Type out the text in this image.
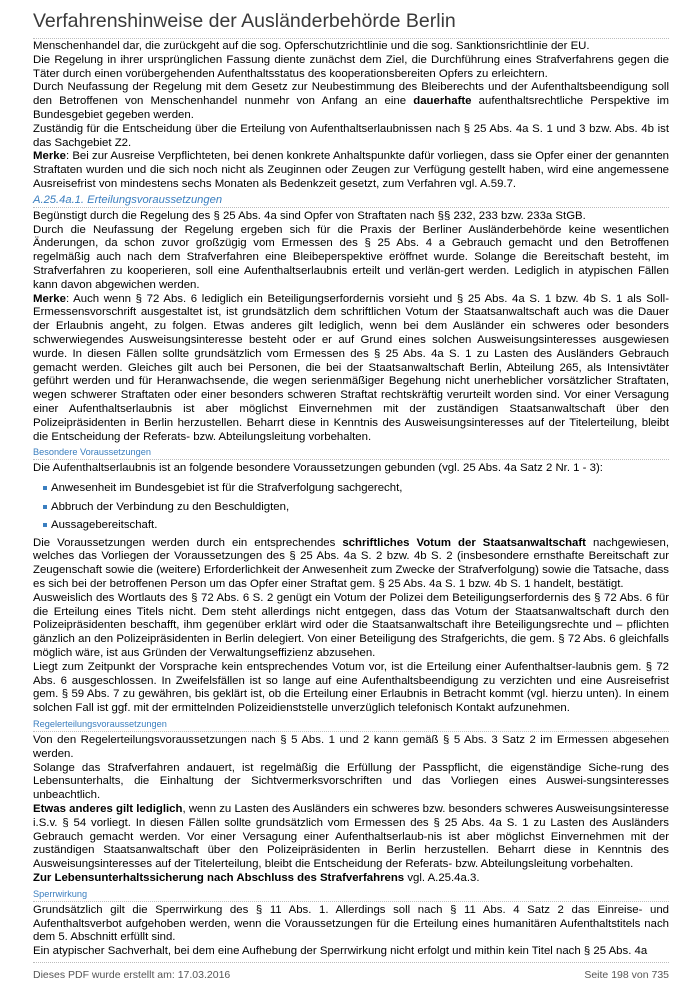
Verfahrenshinweise der Ausländerbehörde Berlin

Menschenhandel dar, die zurückgeht auf die sog. Opferschutzrichtlinie und die sog. Sanktionsrichtlinie der EU.

Die Regelung in ihrer ursprünglichen Fassung diente zunächst dem Ziel, die Durchführung eines Strafverfahrens gegen die Täter durch einen vorübergehenden Aufenthaltsstatus des kooperationsbereiten Opfers zu erleichtern.

Durch Neufassung der Regelung mit dem Gesetz zur Neubestimmung des Bleiberechts und der Aufenthaltsbeendigung soll den Betroffenen von Menschenhandel nunmehr von Anfang an eine dauerhafte aufenthaltsrechtliche Perspektive im Bundesgebiet gegeben werden.

Zuständig für die Entscheidung über die Erteilung von Aufenthaltserlaubnissen nach § 25 Abs. 4a S. 1 und 3 bzw. Abs. 4b ist das Sachgebiet Z2.

Merke: Bei zur Ausreise Verpflichteten, bei denen konkrete Anhaltspunkte dafür vorliegen, dass sie Opfer einer der genannten Straftaten wurden und die sich noch nicht als Zeuginnen oder Zeugen zur Verfügung gestellt haben, wird eine angemessene Ausreisefrist von mindestens sechs Monaten als Bedenkzeit gesetzt, zum Verfahren vgl. A.59.7.

A.25.4a.1. Erteilungsvoraussetzungen

Begünstigt durch die Regelung des § 25 Abs. 4a sind Opfer von Straftaten nach §§ 232, 233 bzw. 233a StGB.

Durch die Neufassung der Regelung ergeben sich für die Praxis der Berliner Ausländerbehörde keine wesentlichen Änderungen, da schon zuvor großzügig vom Ermessen des § 25 Abs. 4 a Gebrauch gemacht und den Betroffenen regelmäßig auch nach dem Strafverfahren eine Bleibeperspektive eröffnet wurde. Solange die Bereitschaft besteht, im Strafverfahren zu kooperieren, soll eine Aufenthaltserlaubnis erteilt und verlän-gert werden. Lediglich in atypischen Fällen kann davon abgewichen werden.

Merke: Auch wenn § 72 Abs. 6 lediglich ein Beteiligungserfordernis vorsieht und § 25 Abs. 4a S. 1 bzw. 4b S. 1 als Soll-Ermessensvorschrift ausgestaltet ist, ist grundsätzlich dem schriftlichen Votum der Staatsanwaltschaft auch was die Dauer der Erlaubnis angeht, zu folgen. Etwas anderes gilt lediglich, wenn bei dem Ausländer ein schweres oder besonders schwerwiegendes Ausweisungsinteresse besteht oder er auf Grund eines solchen Ausweisungsinteresses ausgewiesen wurde. In diesen Fällen sollte grundsätzlich vom Ermessen des § 25 Abs. 4a S. 1 zu Lasten des Ausländers Gebrauch gemacht werden. Gleiches gilt auch bei Personen, die bei der Staatsanwaltschaft Berlin, Abteilung 265, als Intensivtäter geführt werden und für Heranwachsende, die wegen serienmäßiger Begehung nicht unerheblicher vorsätzlicher Straftaten, wegen schwerer Straftaten oder einer besonders schweren Straftat rechtskräftig verurteilt worden sind. Vor einer Versagung einer Aufenthaltserlaubnis ist aber möglichst Einvernehmen mit der zuständigen Staatsanwaltschaft über den Polizeipräsidenten in Berlin herzustellen. Beharrt diese in Kenntnis des Ausweisungsinteresses auf der Titelerteilung, bleibt die Entscheidung der Referats- bzw. Abteilungsleitung vorbehalten.

Besondere Voraussetzungen

Die Aufenthaltserlaubnis ist an folgende besondere Voraussetzungen gebunden (vgl. 25 Abs. 4a Satz 2 Nr. 1 - 3):

Anwesenheit im Bundesgebiet ist für die Strafverfolgung sachgerecht,
Abbruch der Verbindung zu den Beschuldigten,
Aussagebereitschaft.

Die Voraussetzungen werden durch ein entsprechendes schriftliches Votum der Staatsanwaltschaft nachgewiesen, welches das Vorliegen der Voraussetzungen des § 25 Abs. 4a S. 2 bzw. 4b S. 2 (insbesondere ernsthafte Bereitschaft zur Zeugenschaft sowie die (weitere) Erforderlichkeit der Anwesenheit zum Zwecke der Strafverfolgung) sowie die Tatsache, dass es sich bei der betroffenen Person um das Opfer einer Straftat gem. § 25 Abs. 4a S. 1 bzw. 4b S. 1 handelt, bestätigt.

Ausweislich des Wortlauts des § 72 Abs. 6 S. 2 genügt ein Votum der Polizei dem Beteiligungserfordernis des § 72 Abs. 6 für die Erteilung eines Titels nicht. Dem steht allerdings nicht entgegen, dass das Votum der Staatsanwaltschaft durch den Polizeipräsidenten beschafft, ihm gegenüber erklärt wird oder die Staatsanwaltschaft ihre Beteiligungsrechte und – pflichten gänzlich an den Polizeipräsidenten in Berlin delegiert. Von einer Beteiligung des Strafgerichts, die gem. § 72 Abs. 6 gleichfalls möglich wäre, ist aus Gründen der Verwaltungseffizienz abzusehen.

Liegt zum Zeitpunkt der Vorsprache kein entsprechendes Votum vor, ist die Erteilung einer Aufenthaltser-laubnis gem. § 72 Abs. 6 ausgeschlossen. In Zweifelsfällen ist so lange auf eine Aufenthaltsbeendigung zu verzichten und eine Ausreisefrist gem. § 59 Abs. 7 zu gewähren, bis geklärt ist, ob die Erteilung einer Erlaubnis in Betracht kommt (vgl. hierzu unten). In einem solchen Fall ist ggf. mit der ermittelnden Polizeidienststelle unverzüglich telefonisch Kontakt aufzunehmen.

Regelerteilungsvoraussetzungen

Von den Regelerteilungsvoraussetzungen nach § 5 Abs. 1 und 2 kann gemäß § 5 Abs. 3 Satz 2 im Ermessen abgesehen werden.

Solange das Strafverfahren andauert, ist regelmäßig die Erfüllung der Passpflicht, die eigenständige Siche-rung des Lebensunterhalts, die Einhaltung der Sichtvermerksvorschriften und das Vorliegen eines Auswei-sungsinteresses unbeachtlich.

Etwas anderes gilt lediglich, wenn zu Lasten des Ausländers ein schweres bzw. besonders schweres Ausweisungsinteresse i.S.v. § 54 vorliegt. In diesen Fällen sollte grundsätzlich vom Ermessen des § 25 Abs. 4a S. 1 zu Lasten des Ausländers Gebrauch gemacht werden. Vor einer Versagung einer Aufenthaltserlaub-nis ist aber möglichst Einvernehmen mit der zuständigen Staatsanwaltschaft über den Polizeipräsidenten in Berlin herzustellen. Beharrt diese in Kenntnis des Ausweisungsinteresses auf der Titelerteilung, bleibt die Entscheidung der Referats- bzw. Abteilungsleitung vorbehalten.

Zur Lebensunterhaltssicherung nach Abschluss des Strafverfahrens vgl. A.25.4a.3.

Sperrwirkung

Grundsätzlich gilt die Sperrwirkung des § 11 Abs. 1. Allerdings soll nach § 11 Abs. 4 Satz 2 das Einreise- und Aufenthaltsverbot aufgehoben werden, wenn die Voraussetzungen für die Erteilung eines humanitären Aufenthaltstitels nach dem 5. Abschnitt erfüllt sind.

Ein atypischer Sachverhalt, bei dem eine Aufhebung der Sperrwirkung nicht erfolgt und mithin kein Titel nach § 25 Abs. 4a

Dieses PDF wurde erstellt am: 17.03.2016	Seite 198 von 735
